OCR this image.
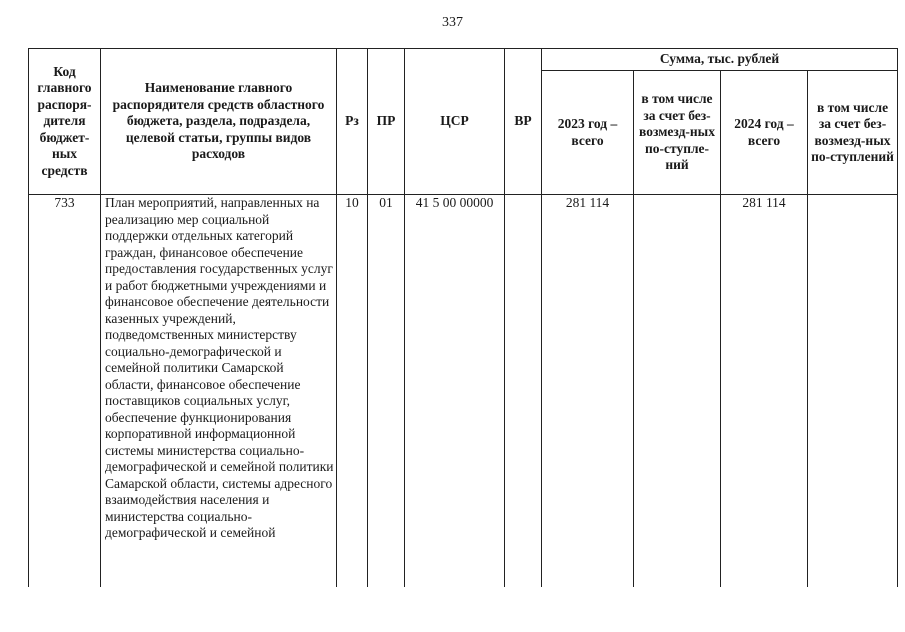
337
Код главного распоря-дителя бюджет-ных средств	Наименование главного распорядителя средств областного бюджета, раздела, подраздела, целевой статьи, группы видов расходов	Рз	ПР	ЦСР	ВР	Сумма, тыс. рублей			
						2023 год – всего	в том числе за счет без-возмезд-ных по-ступле-ний	2024 год – всего	в том числе за счет без-возмезд-ных по-ступлений
733	План мероприятий, направленных на реализацию мер социальной поддержки отдельных категорий граждан, финансовое обеспечение предоставления государственных услуг и работ бюджетными учреждениями и финансовое обеспечение деятельности казенных учреждений, подведомственных министерству социально-демографической и семейной политики Самарской области, финансовое обеспечение поставщиков социальных услуг, обеспечение функционирования корпоративной информационной системы министерства социально-демографической и семейной политики Самарской области, системы адресного взаимодействия населения и министерства социально-демографической и семейной	10	01	41 5 00 00000		281 114		281 114	
